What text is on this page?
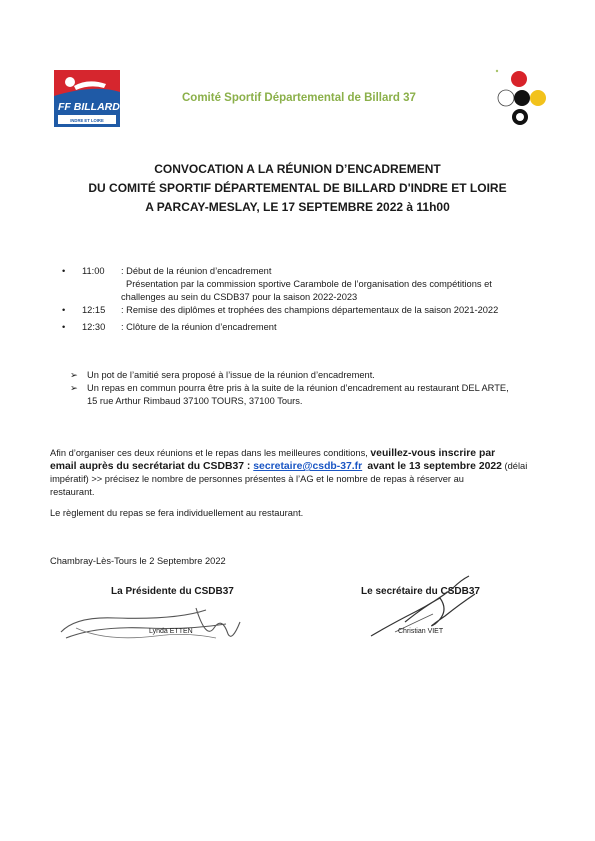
FF BILLARD
INDRE ET LOIRE
Comité Sportif Départemental de Billard 37
CONVOCATION A LA RÉUNION D’ENCADREMENT
DU COMITÉ SPORTIF DÉPARTEMENTAL DE BILLARD D'INDRE ET LOIRE
A PARCAY-MESLAY, LE 17 SEPTEMBRE 2022 à 11h00
• 11:00 : Début de la réunion d’encadrement
Présentation par la commission sportive Carambole de l’organisation des compétitions et
challenges au sein du CSDB37 pour la saison 2022-2023
• 12:15 : Remise des diplômes et trophées des champions départementaux de la saison 2021-2022
• 12:30 : Clôture de la réunion d’encadrement
➢ Un pot de l’amitié sera proposé à l’issue de la réunion d’encadrement.
➢ Un repas en commun pourra être pris à la suite de la réunion d’encadrement au restaurant DEL ARTE,
15 rue Arthur Rimbaud 37100 TOURS, 37100 Tours.

Afin d’organiser ces deux réunions et le repas dans les meilleures conditions, veuillez-vous inscrire par
email auprès du secrétariat du CSDB37 : secretaire@csdb-37.fr avant le 13 septembre 2022 (délai
impératif) >> précisez le nombre de personnes présentes à l’AG et le nombre de repas à réserver au
restaurant.

Le règlement du repas se fera individuellement au restaurant.

Chambray-Lès-Tours le 2 Septembre 2022
La Présidente du CSDB37
Lynda ETTEN
Le secrétaire du CSDB37
Christian VIET
